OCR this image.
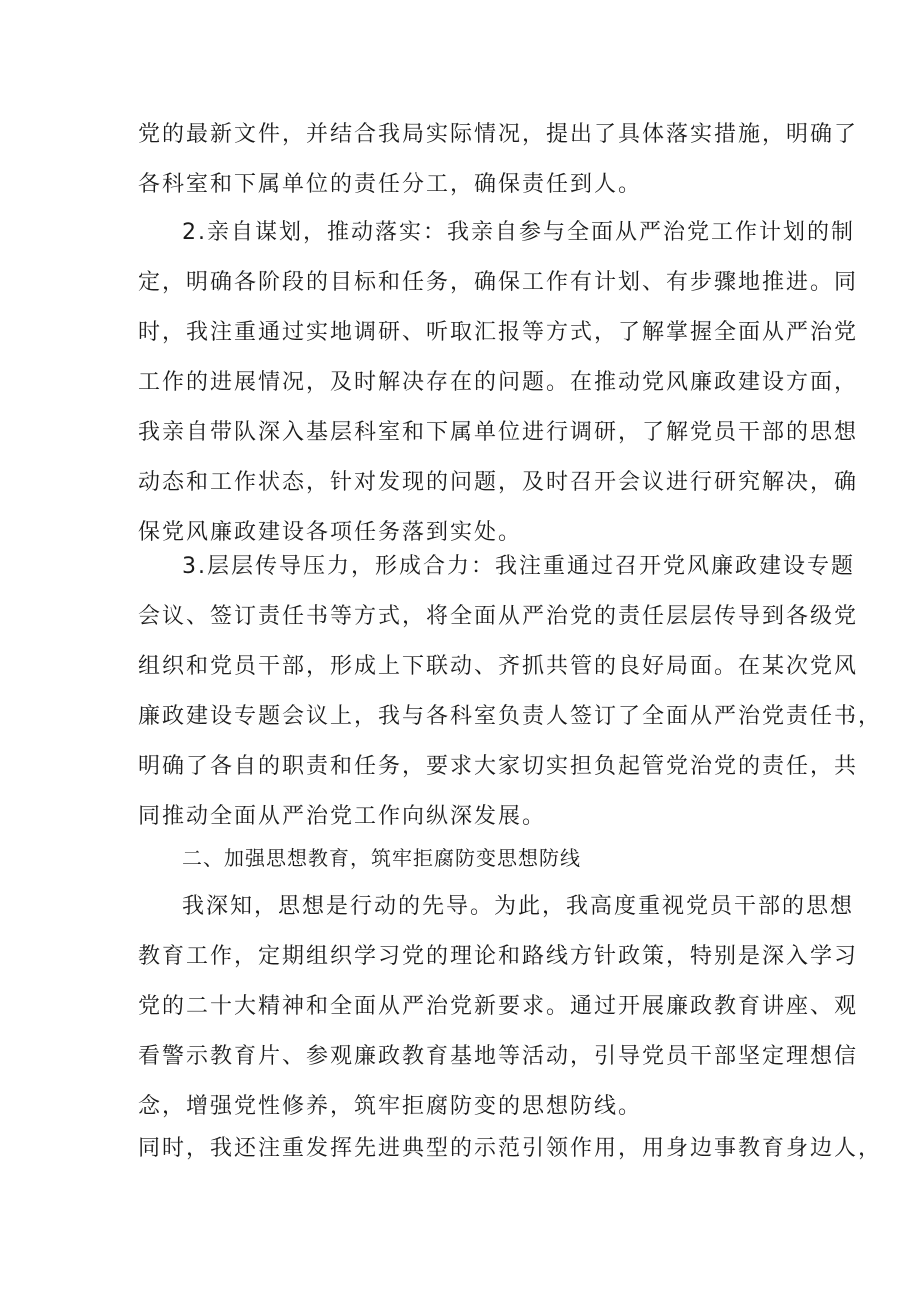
党的最新文件，并结合我局实际情况，提出了具体落实措施，明确了
各科室和下属单位的责任分工，确保责任到人。
2.亲自谋划，推动落实：我亲自参与全面从严治党工作计划的制
定，明确各阶段的目标和任务，确保工作有计划、有步骤地推进。同
时，我注重通过实地调研、听取汇报等方式，了解掌握全面从严治党
工作的进展情况，及时解决存在的问题。在推动党风廉政建设方面，
我亲自带队深入基层科室和下属单位进行调研，了解党员干部的思想
动态和工作状态，针对发现的问题，及时召开会议进行研究解决，确
保党风廉政建设各项任务落到实处。
3.层层传导压力，形成合力：我注重通过召开党风廉政建设专题
会议、签订责任书等方式，将全面从严治党的责任层层传导到各级党
组织和党员干部，形成上下联动、齐抓共管的良好局面。在某次党风
廉政建设专题会议上，我与各科室负责人签订了全面从严治党责任书，
明确了各自的职责和任务，要求大家切实担负起管党治党的责任，共
同推动全面从严治党工作向纵深发展。
二、加强思想教育，筑牢拒腐防变思想防线
我深知，思想是行动的先导。为此，我高度重视党员干部的思想
教育工作，定期组织学习党的理论和路线方针政策，特别是深入学习
党的二十大精神和全面从严治党新要求。通过开展廉政教育讲座、观
看警示教育片、参观廉政教育基地等活动，引导党员干部坚定理想信
念，增强党性修养，筑牢拒腐防变的思想防线。
同时，我还注重发挥先进典型的示范引领作用，用身边事教育身边人，
